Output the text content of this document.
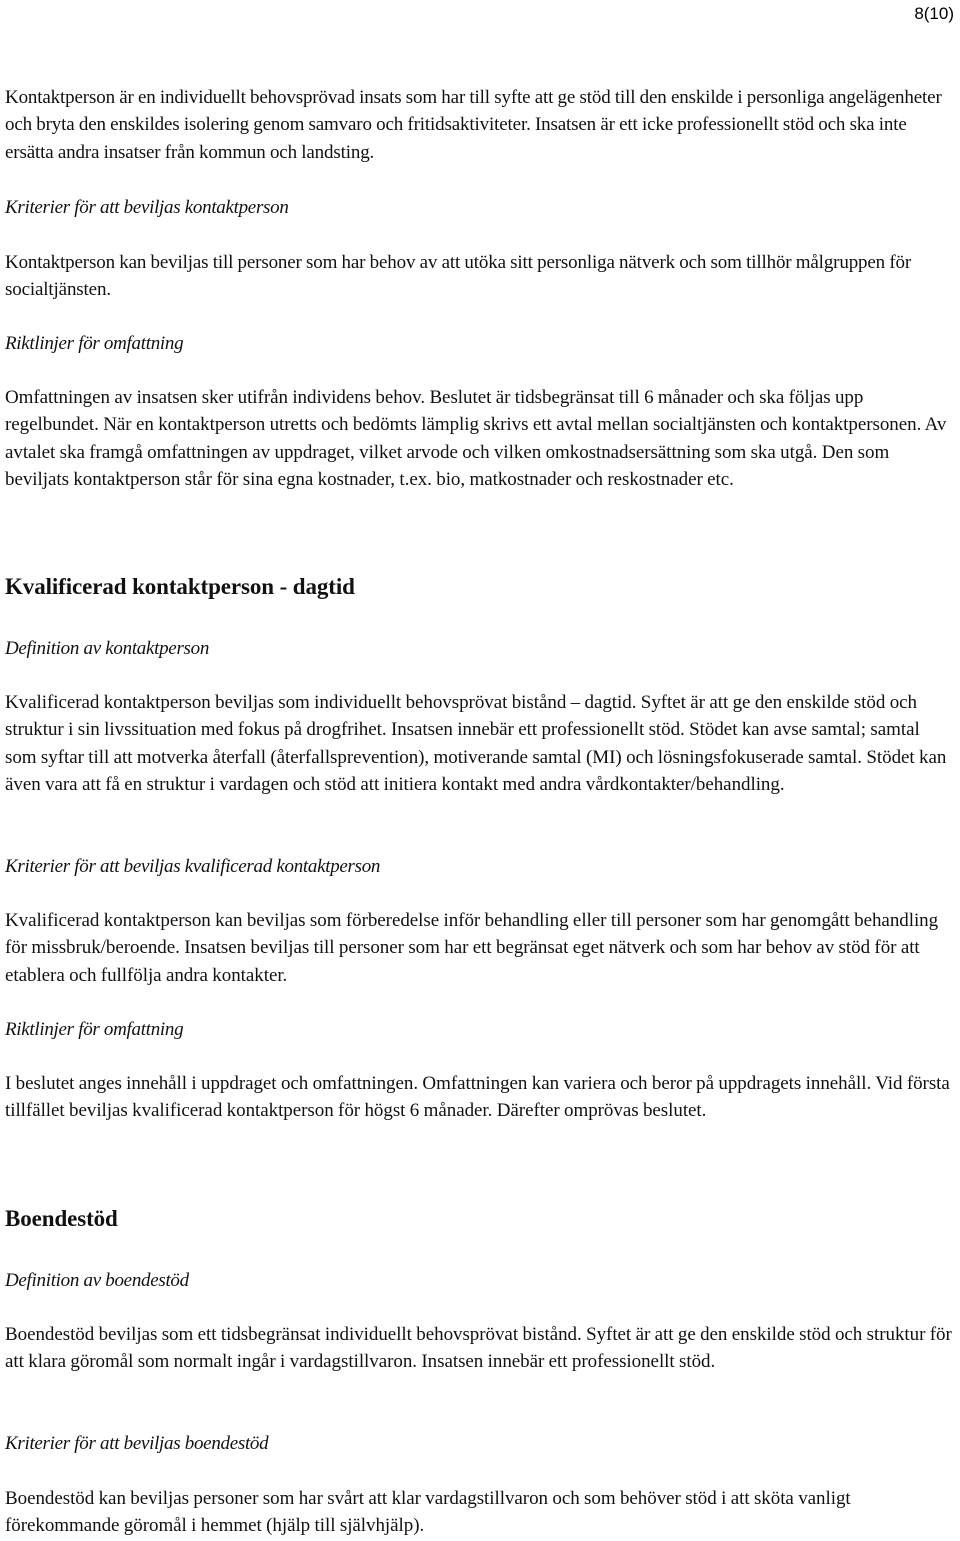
8(10)

Kontaktperson är en individuellt behovsprövad insats som har till syfte att ge stöd till den enskilde i personliga angelägenheter och bryta den enskildes isolering genom samvaro och fritidsaktiviteter. Insatsen är ett icke professionellt stöd och ska inte ersätta andra insatser från kommun och landsting.

Kriterier för att beviljas kontaktperson

Kontaktperson kan beviljas till personer som har behov av att utöka sitt personliga nätverk och som tillhör målgruppen för socialtjänsten.

Riktlinjer för omfattning

Omfattningen av insatsen sker utifrån individens behov. Beslutet är tidsbegränsat till 6 månader och ska följas upp regelbundet. När en kontaktperson utretts och bedömts lämplig skrivs ett avtal mellan socialtjänsten och kontaktpersonen. Av avtalet ska framgå omfattningen av uppdraget, vilket arvode och vilken omkostnadsersättning som ska utgå. Den som beviljats kontaktperson står för sina egna kostnader, t.ex. bio, matkostnader och reskostnader etc.

Kvalificerad kontaktperson - dagtid
Definition av kontaktperson

Kvalificerad kontaktperson beviljas som individuellt behovsprövat bistånd – dagtid. Syftet är att ge den enskilde stöd och struktur i sin livssituation med fokus på drogfrihet. Insatsen innebär ett professionellt stöd. Stödet kan avse samtal; samtal som syftar till att motverka återfall (återfallsprevention), motiverande samtal (MI) och lösningsfokuserade samtal. Stödet kan även vara att få en struktur i vardagen och stöd att initiera kontakt med andra vårdkontakter/behandling.

Kriterier för att beviljas kvalificerad kontaktperson

Kvalificerad kontaktperson kan beviljas som förberedelse inför behandling eller till personer som har genomgått behandling för missbruk/beroende. Insatsen beviljas till personer som har ett begränsat eget nätverk och som har behov av stöd för att etablera och fullfölja andra kontakter.

Riktlinjer för omfattning

I beslutet anges innehåll i uppdraget och omfattningen. Omfattningen kan variera och beror på uppdragets innehåll. Vid första tillfället beviljas kvalificerad kontaktperson för högst 6 månader. Därefter omprövas beslutet.

Boendestöd
Definition av boendestöd

Boendestöd beviljas som ett tidsbegränsat individuellt behovsprövat bistånd. Syftet är att ge den enskilde stöd och struktur för att klara göromål som normalt ingår i vardagstillvaron. Insatsen innebär ett professionellt stöd.

Kriterier för att beviljas boendestöd

Boendestöd kan beviljas personer som har svårt att klar vardagstillvaron och som behöver stöd i att sköta vanligt förekommande göromål i hemmet (hjälp till självhjälp).
